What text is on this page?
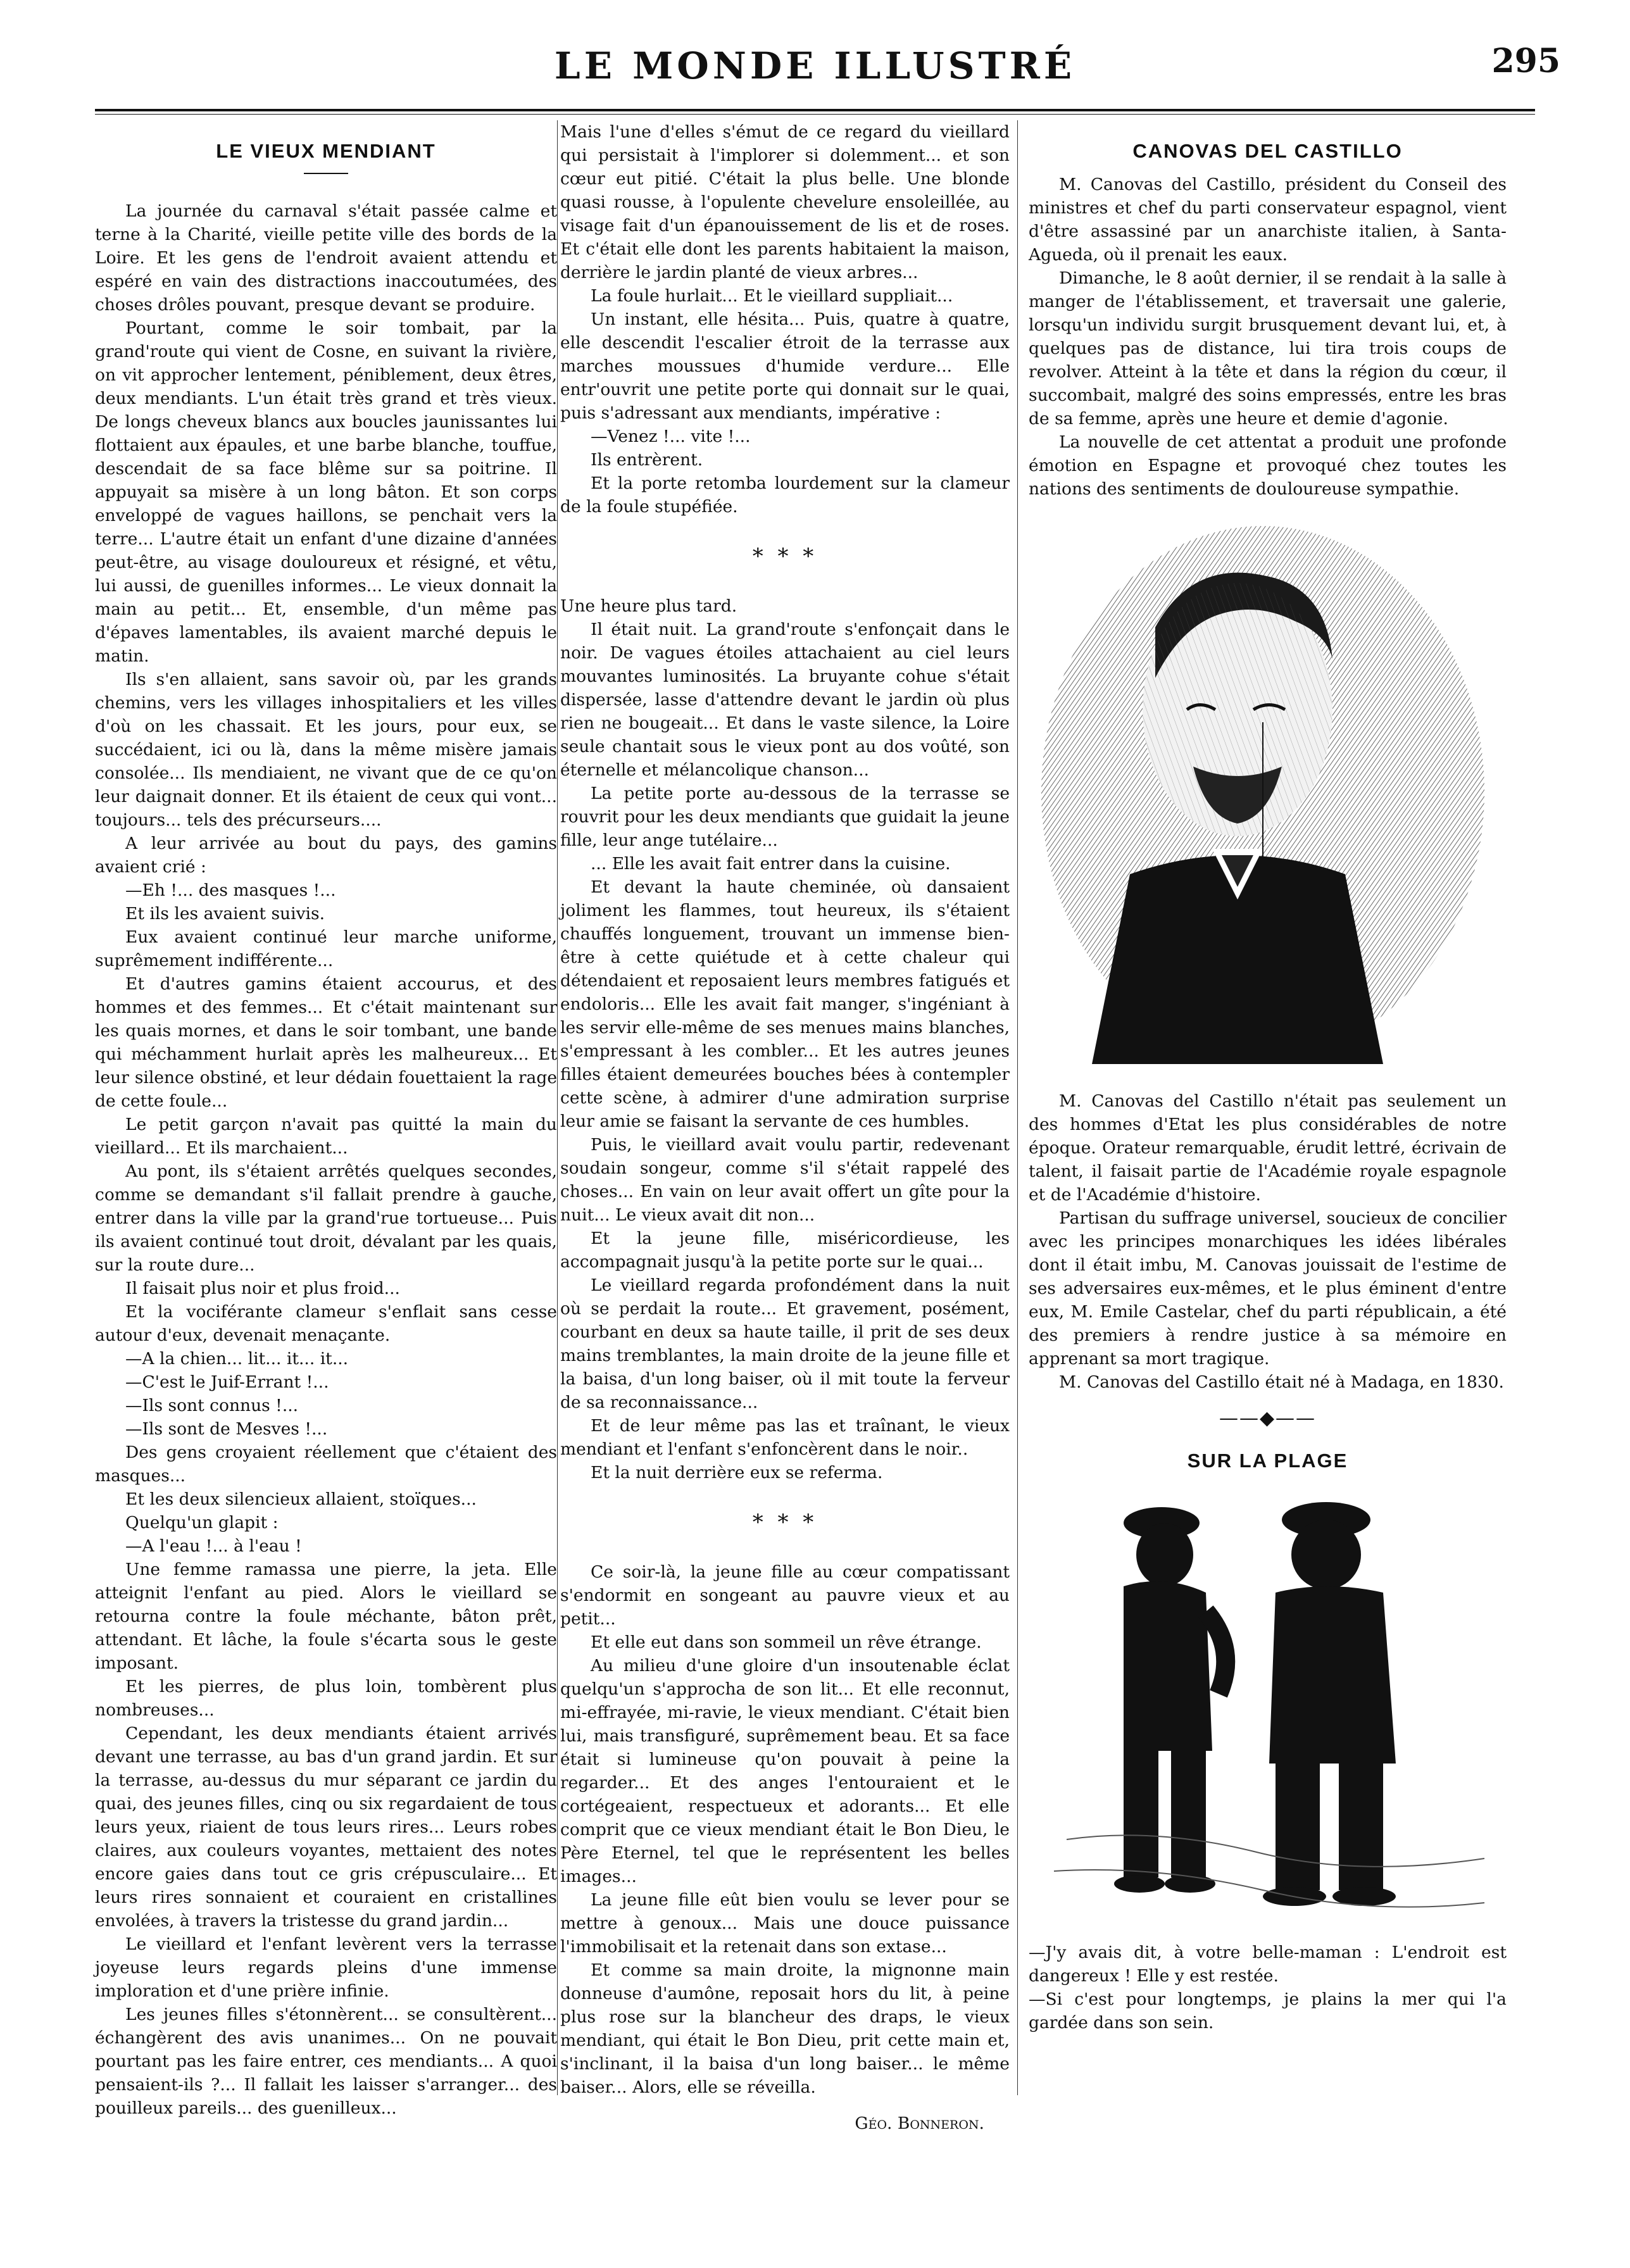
LE MONDE ILLUSTRÉ	295
LE VIEUX MENDIANT

La journée du carnaval s'était passée calme et terne à la Charité, vieille petite ville des bords de la Loire. Et les gens de l'endroit avaient attendu et espéré en vain des distractions inaccoutumées, des choses drôles pouvant, presque devant se produire.

Pourtant, comme le soir tombait, par la grand'route qui vient de Cosne, en suivant la rivière, on vit approcher lentement, péniblement, deux êtres, deux mendiants. L'un était très grand et très vieux. De longs cheveux blancs aux boucles jaunissantes lui flottaient aux épaules, et une barbe blanche, touffue, descendait de sa face blême sur sa poitrine. Il appuyait sa misère à un long bâton. Et son corps enveloppé de vagues haillons, se penchait vers la terre... L'autre était un enfant d'une dizaine d'années peut-être, au visage douloureux et résigné, et vêtu, lui aussi, de guenilles informes... Le vieux donnait la main au petit... Et, ensemble, d'un même pas d'épaves lamentables, ils avaient marché depuis le matin.

Ils s'en allaient, sans savoir où, par les grands chemins, vers les villages inhospitaliers et les villes d'où on les chassait. Et les jours, pour eux, se succédaient, ici ou là, dans la même misère jamais consolée... Ils mendiaient, ne vivant que de ce qu'on leur daignait donner. Et ils étaient de ceux qui vont... toujours... tels des précurseurs....

A leur arrivée au bout du pays, des gamins avaient crié :

—Eh !... des masques !...

Et ils les avaient suivis.

Eux avaient continué leur marche uniforme, suprêmement indifférente...

Et d'autres gamins étaient accourus, et des hommes et des femmes... Et c'était maintenant sur les quais mornes, et dans le soir tombant, une bande qui méchamment hurlait après les malheureux... Et leur silence obstiné, et leur dédain fouettaient la rage de cette foule...

Le petit garçon n'avait pas quitté la main du vieillard... Et ils marchaient...

Au pont, ils s'étaient arrêtés quelques secondes, comme se demandant s'il fallait prendre à gauche, entrer dans la ville par la grand'rue tortueuse... Puis ils avaient continué tout droit, dévalant par les quais, sur la route dure...

Il faisait plus noir et plus froid...

Et la vociférante clameur s'enflait sans cesse autour d'eux, devenait menaçante.

—A la chien... lit... it... it...

—C'est le Juif-Errant !...

—Ils sont connus !...

—Ils sont de Mesves !...

Des gens croyaient réellement que c'étaient des masques...

Et les deux silencieux allaient, stoïques...

Quelqu'un glapit :

—A l'eau !... à l'eau !

Une femme ramassa une pierre, la jeta. Elle atteignit l'enfant au pied. Alors le vieillard se retourna contre la foule méchante, bâton prêt, attendant. Et lâche, la foule s'écarta sous le geste imposant.

Et les pierres, de plus loin, tombèrent plus nombreuses...

Cependant, les deux mendiants étaient arrivés devant une terrasse, au bas d'un grand jardin. Et sur la terrasse, au-dessus du mur séparant ce jardin du quai, des jeunes filles, cinq ou six regardaient de tous leurs yeux, riaient de tous leurs rires... Leurs robes claires, aux couleurs voyantes, mettaient des notes encore gaies dans tout ce gris crépusculaire... Et leurs rires sonnaient et couraient en cristallines envolées, à travers la tristesse du grand jardin...

Le vieillard et l'enfant levèrent vers la terrasse joyeuse leurs regards pleins d'une immense imploration et d'une prière infinie.

Les jeunes filles s'étonnèrent... se consultèrent... échangèrent des avis unanimes... On ne pouvait pourtant pas les faire entrer, ces mendiants... A quoi pensaient-ils ?... Il fallait les laisser s'arranger... des pouilleux pareils... des guenilleux...

Mais l'une d'elles s'émut de ce regard du vieillard qui persistait à l'implorer si dolemment... et son cœur eut pitié. C'était la plus belle. Une blonde quasi rousse, à l'opulente chevelure ensoleillée, au visage fait d'un épanouissement de lis et de roses. Et c'était elle dont les parents habitaient la maison, derrière le jardin planté de vieux arbres...

La foule hurlait... Et le vieillard suppliait...

Un instant, elle hésita... Puis, quatre à quatre, elle descendit l'escalier étroit de la terrasse aux marches moussues d'humide verdure... Elle entr'ouvrit une petite porte qui donnait sur le quai, puis s'adressant aux mendiants, impérative :

—Venez !... vite !...

Ils entrèrent.

Et la porte retomba lourdement sur la clameur de la foule stupéfiée.

* * *

Une heure plus tard.

Il était nuit. La grand'route s'enfonçait dans le noir. De vagues étoiles attachaient au ciel leurs mouvantes luminosités. La bruyante cohue s'était dispersée, lasse d'attendre devant le jardin où plus rien ne bougeait... Et dans le vaste silence, la Loire seule chantait sous le vieux pont au dos voûté, son éternelle et mélancolique chanson...

La petite porte au-dessous de la terrasse se rouvrit pour les deux mendiants que guidait la jeune fille, leur ange tutélaire...

... Elle les avait fait entrer dans la cuisine.

Et devant la haute cheminée, où dansaient joliment les flammes, tout heureux, ils s'étaient chauffés longuement, trouvant un immense bien-être à cette quiétude et à cette chaleur qui détendaient et reposaient leurs membres fatigués et endoloris... Elle les avait fait manger, s'ingéniant à les servir elle-même de ses menues mains blanches, s'empressant à les combler... Et les autres jeunes filles étaient demeurées bouches bées à contempler cette scène, à admirer d'une admiration surprise leur amie se faisant la servante de ces humbles.

Puis, le vieillard avait voulu partir, redevenant soudain songeur, comme s'il s'était rappelé des choses... En vain on leur avait offert un gîte pour la nuit... Le vieux avait dit non...

Et la jeune fille, miséricordieuse, les accompagnait jusqu'à la petite porte sur le quai...

Le vieillard regarda profondément dans la nuit où se perdait la route... Et gravement, posément, courbant en deux sa haute taille, il prit de ses deux mains tremblantes, la main droite de la jeune fille et la baisa, d'un long baiser, où il mit toute la ferveur de sa reconnaissance...

Et de leur même pas las et traînant, le vieux mendiant et l'enfant s'enfoncèrent dans le noir..

Et la nuit derrière eux se referma.

* * *

Ce soir-là, la jeune fille au cœur compatissant s'endormit en songeant au pauvre vieux et au petit...

Et elle eut dans son sommeil un rêve étrange.

Au milieu d'une gloire d'un insoutenable éclat quelqu'un s'approcha de son lit... Et elle reconnut, mi-effrayée, mi-ravie, le vieux mendiant. C'était bien lui, mais transfiguré, suprêmement beau. Et sa face était si lumineuse qu'on pouvait à peine la regarder... Et des anges l'entouraient et le cortégeaient, respectueux et adorants... Et elle comprit que ce vieux mendiant était le Bon Dieu, le Père Eternel, tel que le représentent les belles images...

La jeune fille eût bien voulu se lever pour se mettre à genoux... Mais une douce puissance l'immobilisait et la retenait dans son extase...

Et comme sa main droite, la mignonne main donneuse d'aumône, reposait hors du lit, à peine plus rose sur la blancheur des draps, le vieux mendiant, qui était le Bon Dieu, prit cette main et, s'inclinant, il la baisa d'un long baiser... le même baiser... Alors, elle se réveilla.

Géo. Bonneron.
CANOVAS DEL CASTILLO

M. Canovas del Castillo, président du Conseil des ministres et chef du parti conservateur espagnol, vient d'être assassiné par un anarchiste italien, à Santa-Agueda, où il prenait les eaux.

Dimanche, le 8 août dernier, il se rendait à la salle à manger de l'établissement, et traversait une galerie, lorsqu'un individu surgit brusquement devant lui, et, à quelques pas de distance, lui tira trois coups de revolver. Atteint à la tête et dans la région du cœur, il succombait, malgré des soins empressés, entre les bras de sa femme, après une heure et demie d'agonie.

La nouvelle de cet attentat a produit une profonde émotion en Espagne et provoqué chez toutes les nations des sentiments de douloureuse sympathie.

M. Canovas del Castillo n'était pas seulement un des hommes d'Etat les plus considérables de notre époque. Orateur remarquable, érudit lettré, écrivain de talent, il faisait partie de l'Académie royale espagnole et de l'Académie d'histoire.

Partisan du suffrage universel, soucieux de concilier avec les principes monarchiques les idées libérales dont il était imbu, M. Canovas jouissait de l'estime de ses adversaires eux-mêmes, et le plus éminent d'entre eux, M. Emile Castelar, chef du parti républicain, a été des premiers à rendre justice à sa mémoire en apprenant sa mort tragique.

M. Canovas del Castillo était né à Madaga, en 1830.

——◆——
SUR LA PLAGE

—J'y avais dit, à votre belle-maman : L'endroit est dangereux ! Elle y est restée.

—Si c'est pour longtemps, je plains la mer qui l'a gardée dans son sein.
